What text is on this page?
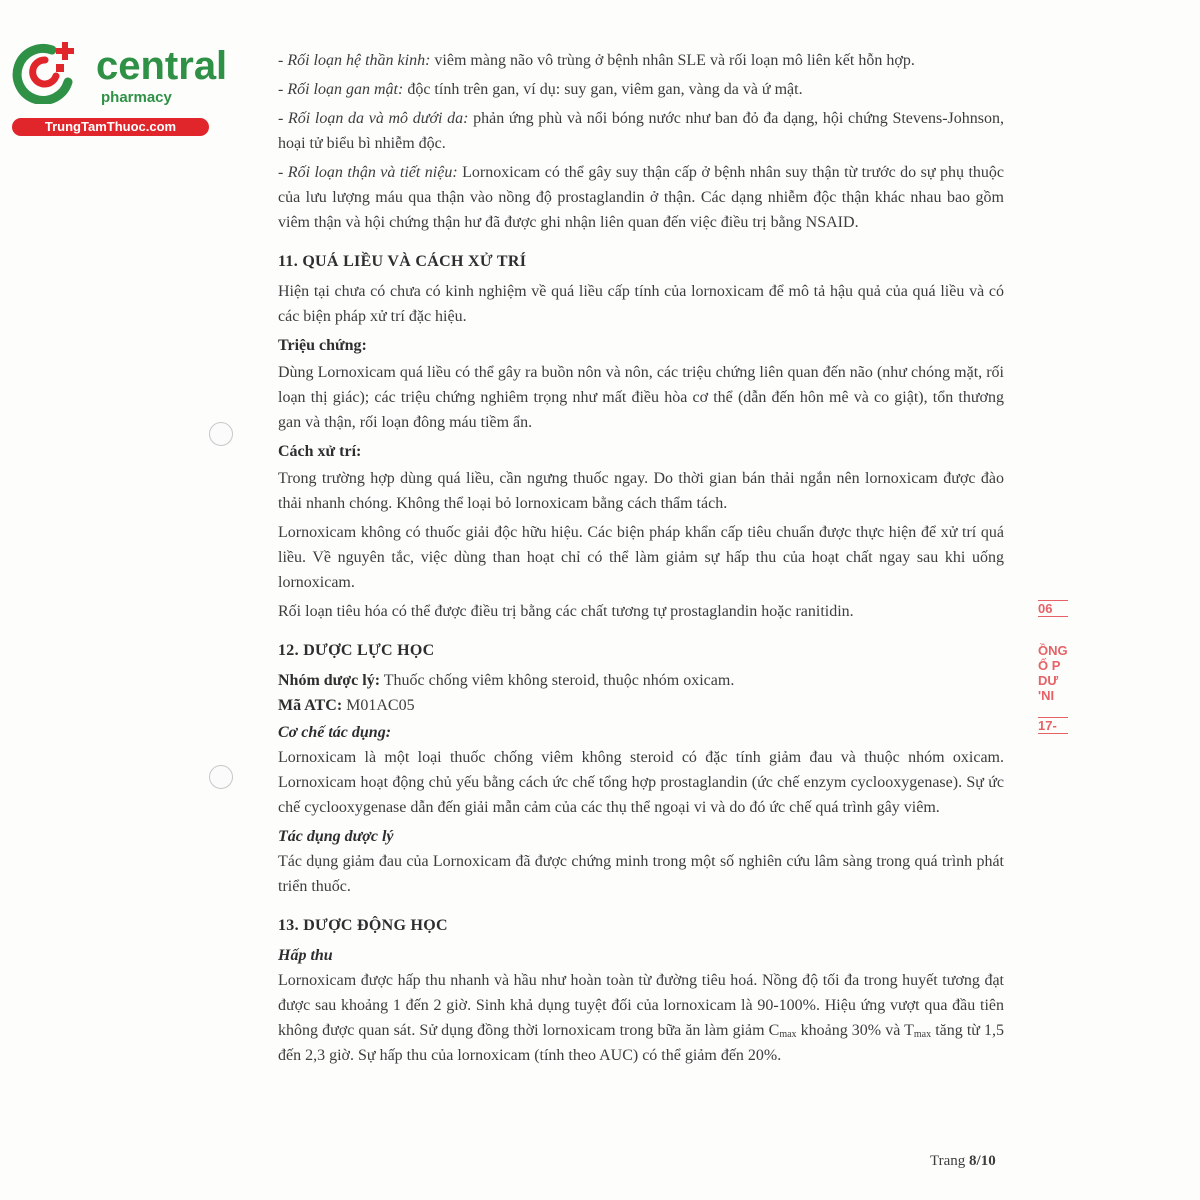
central
pharmacy
TrungTamThuoc.com
06
ỒNG
Ố P
DƯ
'NI
17-

- Rối loạn hệ thần kinh: viêm màng não vô trùng ở bệnh nhân SLE và rối loạn mô liên kết hỗn hợp.

- Rối loạn gan mật: độc tính trên gan, ví dụ: suy gan, viêm gan, vàng da và ứ mật.

- Rối loạn da và mô dưới da: phản ứng phù và nổi bóng nước như ban đỏ đa dạng, hội chứng Stevens-Johnson, hoại tử biểu bì nhiễm độc.

- Rối loạn thận và tiết niệu: Lornoxicam có thể gây suy thận cấp ở bệnh nhân suy thận từ trước do sự phụ thuộc của lưu lượng máu qua thận vào nồng độ prostaglandin ở thận. Các dạng nhiễm độc thận khác nhau bao gồm viêm thận và hội chứng thận hư đã được ghi nhận liên quan đến việc điều trị bằng NSAID.

11. QUÁ LIỀU VÀ CÁCH XỬ TRÍ

Hiện tại chưa có chưa có kinh nghiệm về quá liều cấp tính của lornoxicam để mô tả hậu quả của quá liều và có các biện pháp xử trí đặc hiệu.

Triệu chứng:

Dùng Lornoxicam quá liều có thể gây ra buồn nôn và nôn, các triệu chứng liên quan đến não (như chóng mặt, rối loạn thị giác); các triệu chứng nghiêm trọng như mất điều hòa cơ thể (dẫn đến hôn mê và co giật), tổn thương gan và thận, rối loạn đông máu tiềm ẩn.

Cách xử trí:

Trong trường hợp dùng quá liều, cần ngưng thuốc ngay. Do thời gian bán thải ngắn nên lornoxicam được đào thải nhanh chóng. Không thể loại bỏ lornoxicam bằng cách thẩm tách.

Lornoxicam không có thuốc giải độc hữu hiệu. Các biện pháp khẩn cấp tiêu chuẩn được thực hiện để xử trí quá liều. Về nguyên tắc, việc dùng than hoạt chỉ có thể làm giảm sự hấp thu của hoạt chất ngay sau khi uống lornoxicam.

Rối loạn tiêu hóa có thể được điều trị bằng các chất tương tự prostaglandin hoặc ranitidin.

12. DƯỢC LỰC HỌC

Nhóm dược lý: Thuốc chống viêm không steroid, thuộc nhóm oxicam.

Mã ATC: M01AC05

Cơ chế tác dụng:

Lornoxicam là một loại thuốc chống viêm không steroid có đặc tính giảm đau và thuộc nhóm oxicam. Lornoxicam hoạt động chủ yếu bằng cách ức chế tổng hợp prostaglandin (ức chế enzym cyclooxygenase). Sự ức chế cyclooxygenase dẫn đến giải mẫn cảm của các thụ thể ngoại vi và do đó ức chế quá trình gây viêm.

Tác dụng dược lý

Tác dụng giảm đau của Lornoxicam đã được chứng minh trong một số nghiên cứu lâm sàng trong quá trình phát triển thuốc.

13. DƯỢC ĐỘNG HỌC
Hấp thu

Lornoxicam được hấp thu nhanh và hầu như hoàn toàn từ đường tiêu hoá. Nồng độ tối đa trong huyết tương đạt được sau khoảng 1 đến 2 giờ. Sinh khả dụng tuyệt đối của lornoxicam là 90-100%. Hiệu ứng vượt qua đầu tiên không được quan sát. Sử dụng đồng thời lornoxicam trong bữa ăn làm giảm $C_{max}$ khoảng 30% và $T_{max}$ tăng từ 1,5 đến 2,3 giờ. Sự hấp thu của lornoxicam (tính theo AUC) có thể giảm đến 20%.

Trang 8/10
